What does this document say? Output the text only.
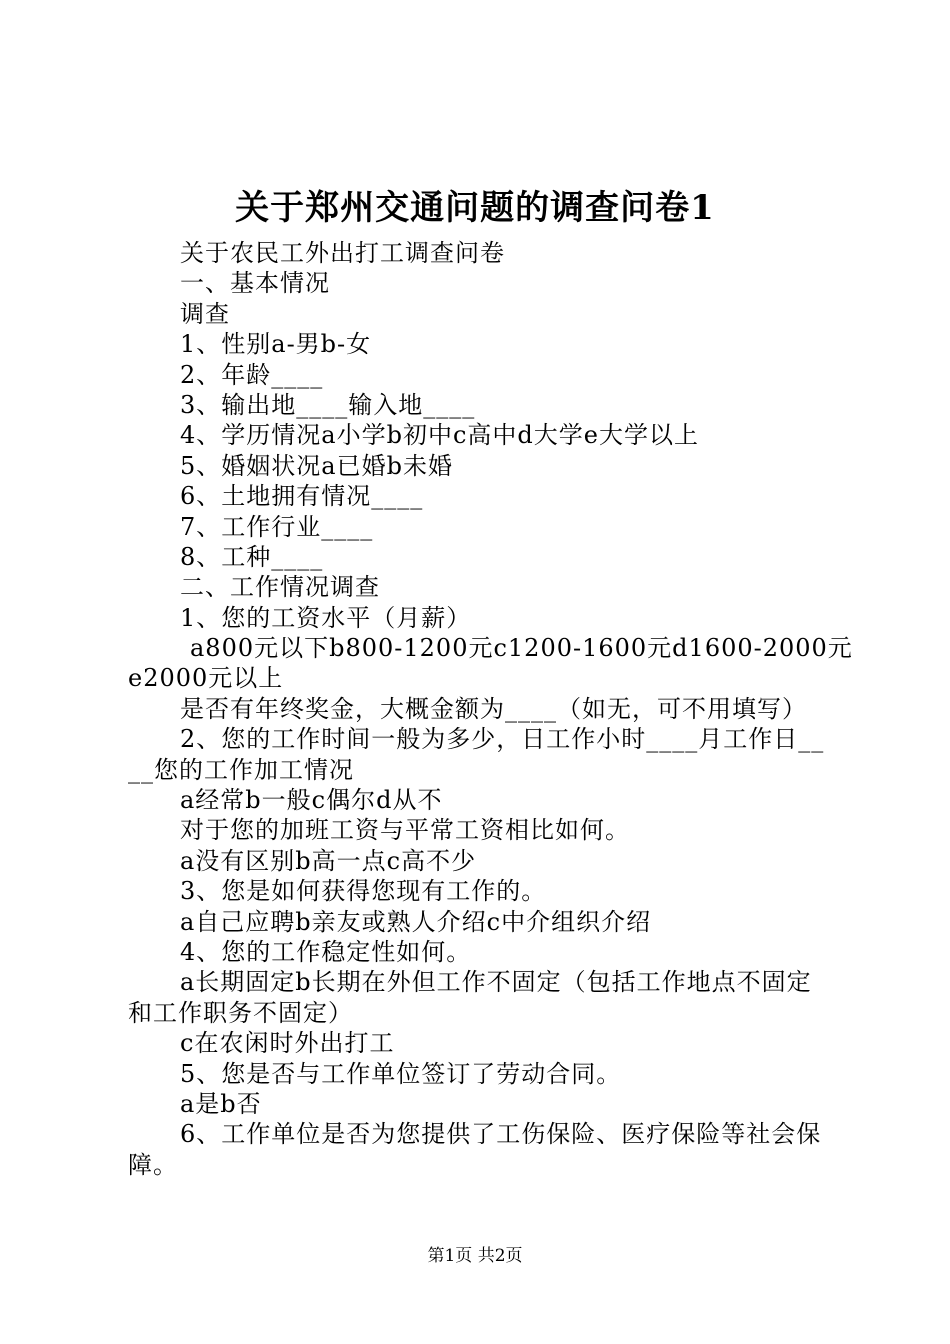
关于郑州交通问题的调查问卷1
关于农民工外出打工调查问卷
一、基本情况
调查
1、性别a-男b-女
2、年龄____
3、输出地____输入地____
4、学历情况a小学b初中c高中d大学e大学以上
5、婚姻状况a已婚b未婚
6、土地拥有情况____
7、工作行业____
8、工种____
二、工作情况调查
1、您的工资水平（月薪）
a800元以下b800-1200元c1200-1600元d1600-2000元
e2000元以上
是否有年终奖金，大概金额为____（如无，可不用填写）
2、您的工作时间一般为多少，日工作小时____月工作日__
__您的工作加工情况
a经常b一般c偶尔d从不
对于您的加班工资与平常工资相比如何。
a没有区别b高一点c高不少
3、您是如何获得您现有工作的。
a自己应聘b亲友或熟人介绍c中介组织介绍
4、您的工作稳定性如何。
a长期固定b长期在外但工作不固定（包括工作地点不固定
和工作职务不固定）
c在农闲时外出打工
5、您是否与工作单位签订了劳动合同。
a是b否
6、工作单位是否为您提供了工伤保险、医疗保险等社会保
障。
第1页 共2页
